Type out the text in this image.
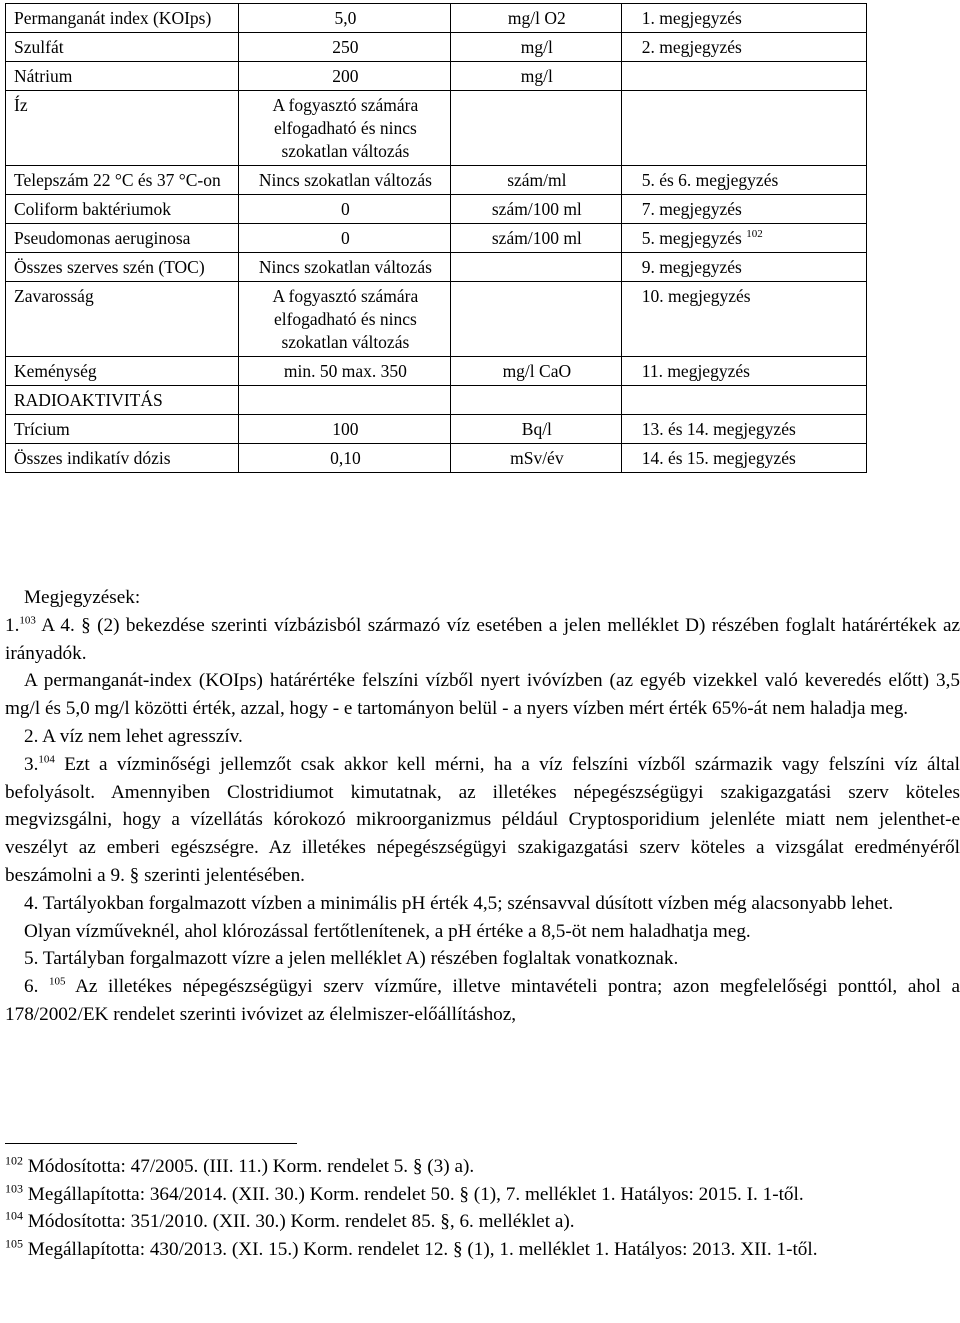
Permanganát index (KOIps)	5,0	mg/l O2	1. megjegyzés
Szulfát	250	mg/l	2. megjegyzés
Nátrium	200	mg/l	
Íz	A fogyasztó számára elfogadható és nincs szokatlan változás		
Telepszám 22 °C és 37 °C-on	Nincs szokatlan változás	szám/ml	5. és 6. megjegyzés
Coliform baktériumok	0	szám/100 ml	7. megjegyzés
Pseudomonas aeruginosa	0	szám/100 ml	5. megjegyzés $^{102}$
Összes szerves szén (TOC)	Nincs szokatlan változás		9. megjegyzés
Zavarosság	A fogyasztó számára elfogadható és nincs szokatlan változás		10. megjegyzés
Keménység	min. 50 max. 350	mg/l CaO	11. megjegyzés
RADIOAKTIVITÁS			
Trícium	100	Bq/l	13. és 14. megjegyzés
Összes indikatív dózis	0,10	mSv/év	14. és 15. megjegyzés

Megjegyzések:

1.$^{103}$ A 4. § (2) bekezdése szerinti vízbázisból származó víz esetében a jelen melléklet D) részében foglalt határértékek az irányadók.

A permanganát-index (KOIps) határértéke felszíni vízből nyert ivóvízben (az egyéb vizekkel való keveredés előtt) 3,5 mg/l és 5,0 mg/l közötti érték, azzal, hogy - e tartományon belül - a nyers vízben mért érték 65%-át nem haladja meg.

2. A víz nem lehet agresszív.

3.$^{104}$ Ezt a vízminőségi jellemzőt csak akkor kell mérni, ha a víz felszíni vízből származik vagy felszíni víz által befolyásolt. Amennyiben Clostridiumot kimutatnak, az illetékes népegészségügyi szakigazgatási szerv köteles megvizsgálni, hogy a vízellátás kórokozó mikroorganizmus például Cryptosporidium jelenléte miatt nem jelenthet-e veszélyt az emberi egészségre. Az illetékes népegészségügyi szakigazgatási szerv köteles a vizsgálat eredményéről beszámolni a 9. § szerinti jelentésében.

4. Tartályokban forgalmazott vízben a minimális pH érték 4,5; szénsavval dúsított vízben még alacsonyabb lehet.

Olyan vízműveknél, ahol klórozással fertőtlenítenek, a pH értéke a 8,5-öt nem haladhatja meg.

5. Tartályban forgalmazott vízre a jelen melléklet A) részében foglaltak vonatkoznak.

6. $^{105}$ Az illetékes népegészségügyi szerv vízműre, illetve mintavételi pontra; azon megfelelőségi ponttól, ahol a 178/2002/EK rendelet szerinti ivóvizet az élelmiszer-előállításhoz,

$^{102}$ Módosította: 47/2005. (III. 11.) Korm. rendelet 5. § (3) a).

$^{103}$ Megállapította: 364/2014. (XII. 30.) Korm. rendelet 50. § (1), 7. melléklet 1. Hatályos: 2015. I. 1-től.

$^{104}$ Módosította: 351/2010. (XII. 30.) Korm. rendelet 85. §, 6. melléklet a).

$^{105}$ Megállapította: 430/2013. (XI. 15.) Korm. rendelet 12. § (1), 1. melléklet 1. Hatályos: 2013. XII. 1-től.
